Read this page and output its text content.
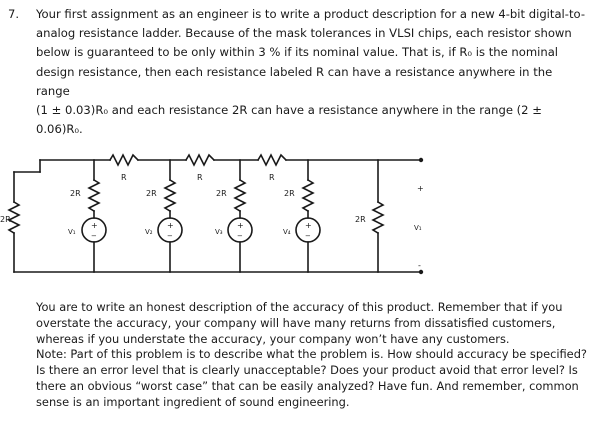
7. Your first assignment as an engineer is to write a product description for a new 4-bit digital-to-
analog resistance ladder. Because of the mask tolerances in VLSI chips, each resistor shown
below is guaranteed to be only within 3 % if its nominal value. That is, if R₀ is the nominal
design resistance, then each resistance labeled R can have a resistance anywhere in the range
(1 ± 0.03)R₀ and each resistance 2R can have a resistance anywhere in the range (2 ±
0.06)R₀.
R	R	R
2R	2R	2R	2R
2R	2R
V₁	V₂	V₃	V₄
+
−
+
−
+
−
+
−
+
V₁
-

You are to write an honest description of the accuracy of this product. Remember that if you

overstate the accuracy, your company will have many returns from dissatisfied customers,

whereas if you understate the accuracy, your company won’t have any customers.

Note: Part of this problem is to describe what the problem is. How should accuracy be specified?

Is there an error level that is clearly unacceptable? Does your product avoid that error level? Is

there an obvious “worst case” that can be easily analyzed? Have fun. And remember, common

sense is an important ingredient of sound engineering.
